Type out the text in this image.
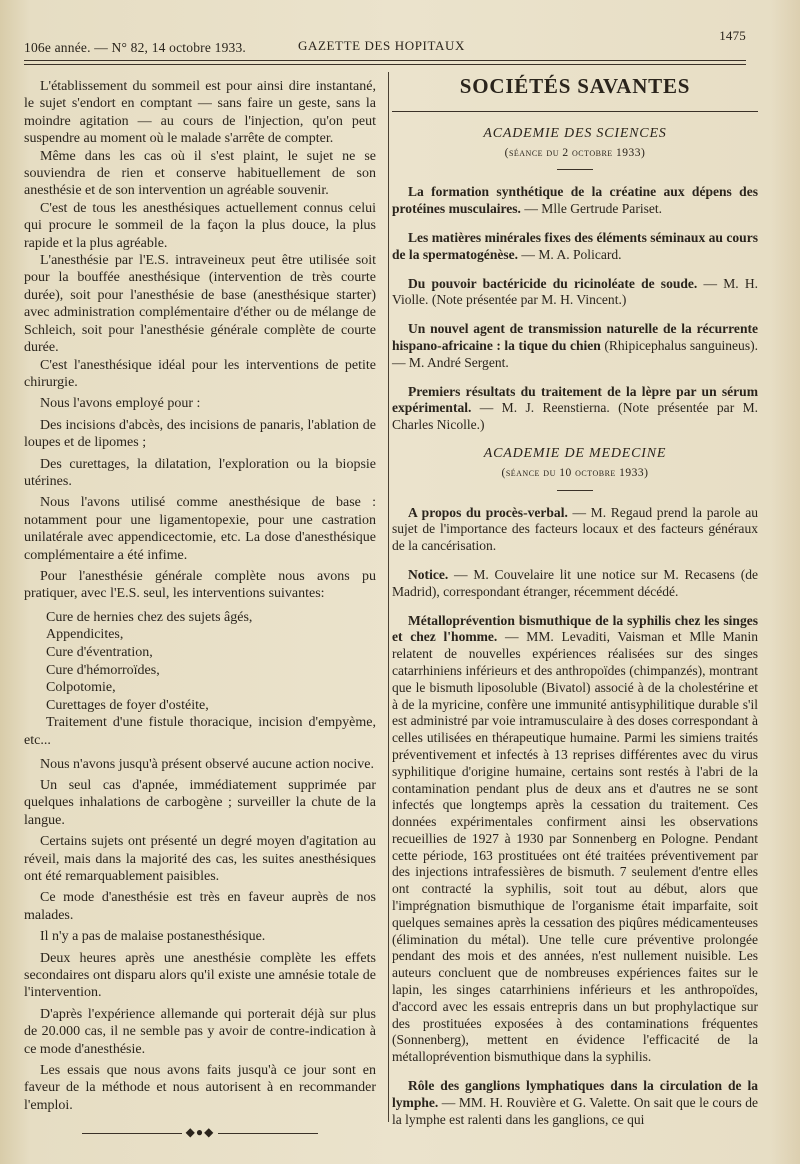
106e année. — N° 82, 14 octobre 1933.	GAZETTE DES HOPITAUX
1475

L'établissement du sommeil est pour ainsi dire instantané, le sujet s'endort en comptant — sans faire un geste, sans la moindre agitation — au cours de l'injection, qu'on peut suspendre au moment où le malade s'arrête de compter.

Même dans les cas où il s'est plaint, le sujet ne se souviendra de rien et conserve habituellement de son anesthésie et de son intervention un agréable souvenir.

C'est de tous les anesthésiques actuellement connus celui qui procure le sommeil de la façon la plus douce, la plus rapide et la plus agréable.

L'anesthésie par l'E.S. intraveineux peut être utilisée soit pour la bouffée anesthésique (intervention de très courte durée), soit pour l'anesthésie de base (anesthésique starter) avec administration complémentaire d'éther ou de mélange de Schleich, soit pour l'anesthésie générale complète de courte durée.

C'est l'anesthésique idéal pour les interventions de petite chirurgie.

Nous l'avons employé pour :

Des incisions d'abcès, des incisions de panaris, l'ablation de loupes et de lipomes ;

Des curettages, la dilatation, l'exploration ou la biopsie utérines.

Nous l'avons utilisé comme anesthésique de base : notamment pour une ligamentopexie, pour une castration unilatérale avec appendicectomie, etc. La dose d'anesthésique complémentaire a été infime.

Pour l'anesthésie générale complète nous avons pu pratiquer, avec l'E.S. seul, les interventions suivantes:

Cure de hernies chez des sujets âgés,
Appendicites,
Cure d'éventration,
Cure d'hémorroïdes,
Colpotomie,
Curettages de foyer d'ostéite,
Traitement d'une fistule thoracique, incision d'empyème, etc...

Nous n'avons jusqu'à présent observé aucune action nocive.

Un seul cas d'apnée, immédiatement supprimée par quelques inhalations de carbogène ; surveiller la chute de la langue.

Certains sujets ont présenté un degré moyen d'agitation au réveil, mais dans la majorité des cas, les suites anesthésiques ont été remarquablement paisibles.

Ce mode d'anesthésie est très en faveur auprès de nos malades.

Il n'y a pas de malaise postanesthésique.

Deux heures après une anesthésie complète les effets secondaires ont disparu alors qu'il existe une amnésie totale de l'intervention.

D'après l'expérience allemande qui porterait déjà sur plus de 20.000 cas, il ne semble pas y avoir de contre-indication à ce mode d'anesthésie.

Les essais que nous avons faits jusqu'à ce jour sont en faveur de la méthode et nous autorisent à en recommander l'emploi.

◆●◆
SOCIÉTÉS SAVANTES
ACADEMIE DES SCIENCES
(séance du 2 octobre 1933)

La formation synthétique de la créatine aux dépens des protéines musculaires. — Mlle Gertrude Pariset.

Les matières minérales fixes des éléments séminaux au cours de la spermatogénèse. — M. A. Policard.

Du pouvoir bactéricide du ricinoléate de soude. — M. H. Violle. (Note présentée par M. H. Vincent.)

Un nouvel agent de transmission naturelle de la récurrente hispano-africaine : la tique du chien (Rhipicephalus sanguineus). — M. André Sergent.

Premiers résultats du traitement de la lèpre par un sérum expérimental. — M. J. Reenstierna. (Note présentée par M. Charles Nicolle.)

ACADEMIE DE MEDECINE
(séance du 10 octobre 1933)

A propos du procès-verbal. — M. Regaud prend la parole au sujet de l'importance des facteurs locaux et des facteurs généraux de la cancérisation.

Notice. — M. Couvelaire lit une notice sur M. Recasens (de Madrid), correspondant étranger, récemment décédé.

Métalloprévention bismuthique de la syphilis chez les singes et chez l'homme. — MM. Levaditi, Vaisman et Mlle Manin relatent de nouvelles expériences réalisées sur des singes catarrhiniens inférieurs et des anthropoïdes (chimpanzés), montrant que le bismuth liposoluble (Bivatol) associé à de la cholestérine et à de la myricine, confère une immunité antisyphilitique durable s'il est administré par voie intramusculaire à des doses correspondant à celles utilisées en thérapeutique humaine. Parmi les simiens traités préventivement et infectés à 13 reprises différentes avec du virus syphilitique d'origine humaine, certains sont restés à l'abri de la contamination pendant plus de deux ans et d'autres ne se sont infectés que longtemps après la cessation du traitement. Ces données expérimentales confirment ainsi les observations recueillies de 1927 à 1930 par Sonnenberg en Pologne. Pendant cette période, 163 prostituées ont été traitées préventivement par des injections intrafessières de bismuth. 7 seulement d'entre elles ont contracté la syphilis, soit tout au début, alors que l'imprégnation bismuthique de l'organisme était imparfaite, soit quelques semaines après la cessation des piqûres médicamenteuses (élimination du métal). Une telle cure préventive prolongée pendant des mois et des années, n'est nullement nuisible. Les auteurs concluent que de nombreuses expériences faites sur le lapin, les singes catarrhiniens inférieurs et les anthropoïdes, d'accord avec les essais entrepris dans un but prophylactique sur des prostituées exposées à des contaminations fréquentes (Sonnenberg), mettent en évidence l'efficacité de la métalloprévention bismuthique dans la syphilis.

Rôle des ganglions lymphatiques dans la circulation de la lymphe. — MM. H. Rouvière et G. Valette. On sait que le cours de la lymphe est ralenti dans les ganglions, ce qui
